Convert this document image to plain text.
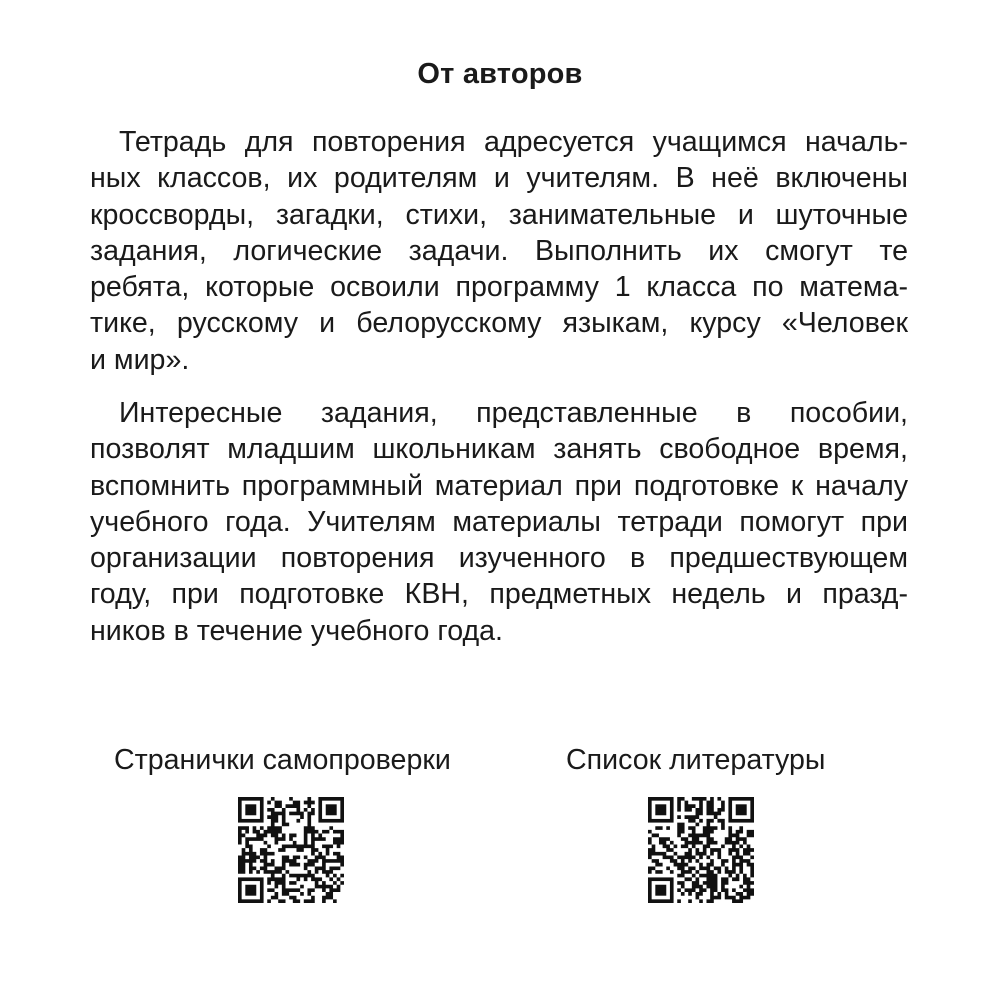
От авторов
Тетрадь для повторения адресуется учащимся началь-
ных классов, их родителям и учителям. В неё включены
кроссворды, загадки, стихи, занимательные и шуточные
задания, логические задачи. Выполнить их смогут те
ребята, которые освоили программу 1 класса по матема-
тике, русскому и белорусскому языкам, курсу «Человек
и мир».
Интересные задания, представленные в пособии,
позволят младшим школьникам занять свободное время,
вспомнить программный материал при подготовке к началу
учебного года. Учителям материалы тетради помогут при
организации повторения изученного в предшествующем
году, при подготовке КВН, предметных недель и празд-
ников в течение учебного года.
Странички самопроверки	Список литературы
